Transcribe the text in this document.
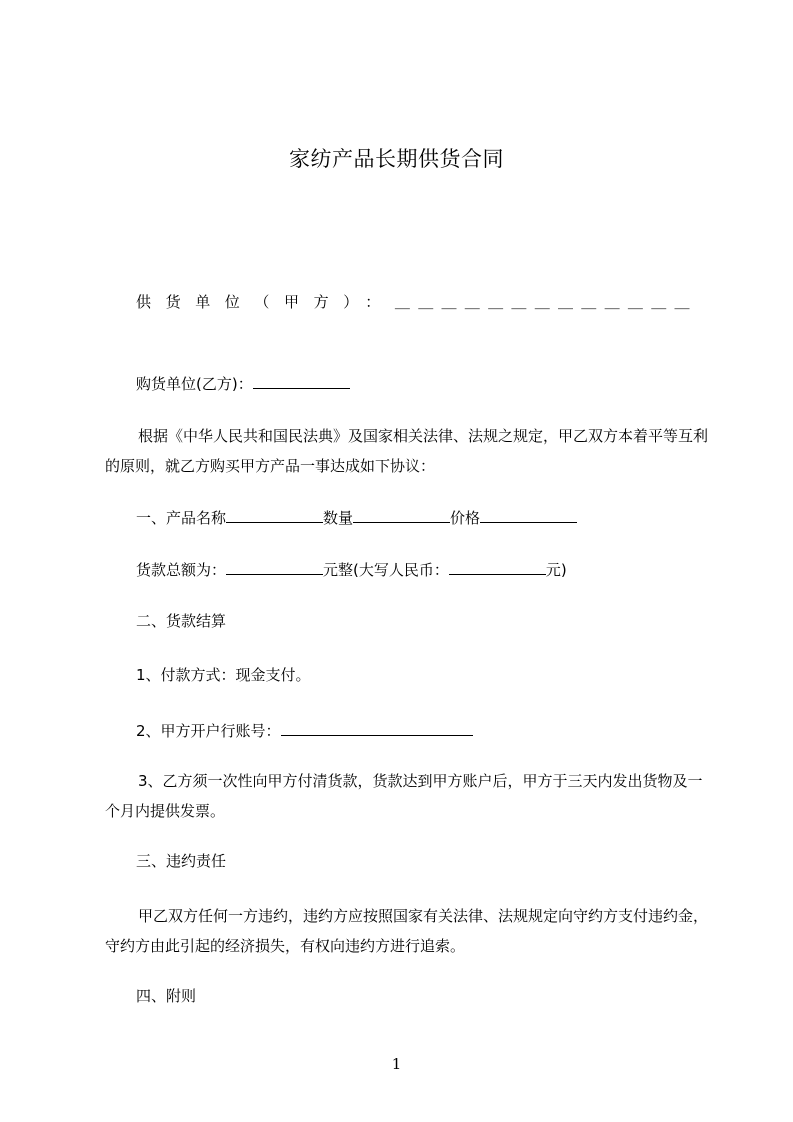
家纺产品长期供货合同
供货单位（甲方）：＿＿＿＿＿＿＿＿＿＿＿＿＿
购货单位(乙方)：
根据《中华人民共和国民法典》及国家相关法律、法规之规定，甲乙双方本着平等互利的原则，就乙方购买甲方产品一事达成如下协议：
一、产品名称	数量	价格
货款总额为：	元整(大写人民币：	元)
二、货款结算
1、付款方式：现金支付。
2、甲方开户行账号：
3、乙方须一次性向甲方付清货款，货款达到甲方账户后，甲方于三天内发出货物及一个月内提供发票。
三、违约责任
甲乙双方任何一方违约，违约方应按照国家有关法律、法规规定向守约方支付违约金，守约方由此引起的经济损失，有权向违约方进行追索。
四、附则
1
